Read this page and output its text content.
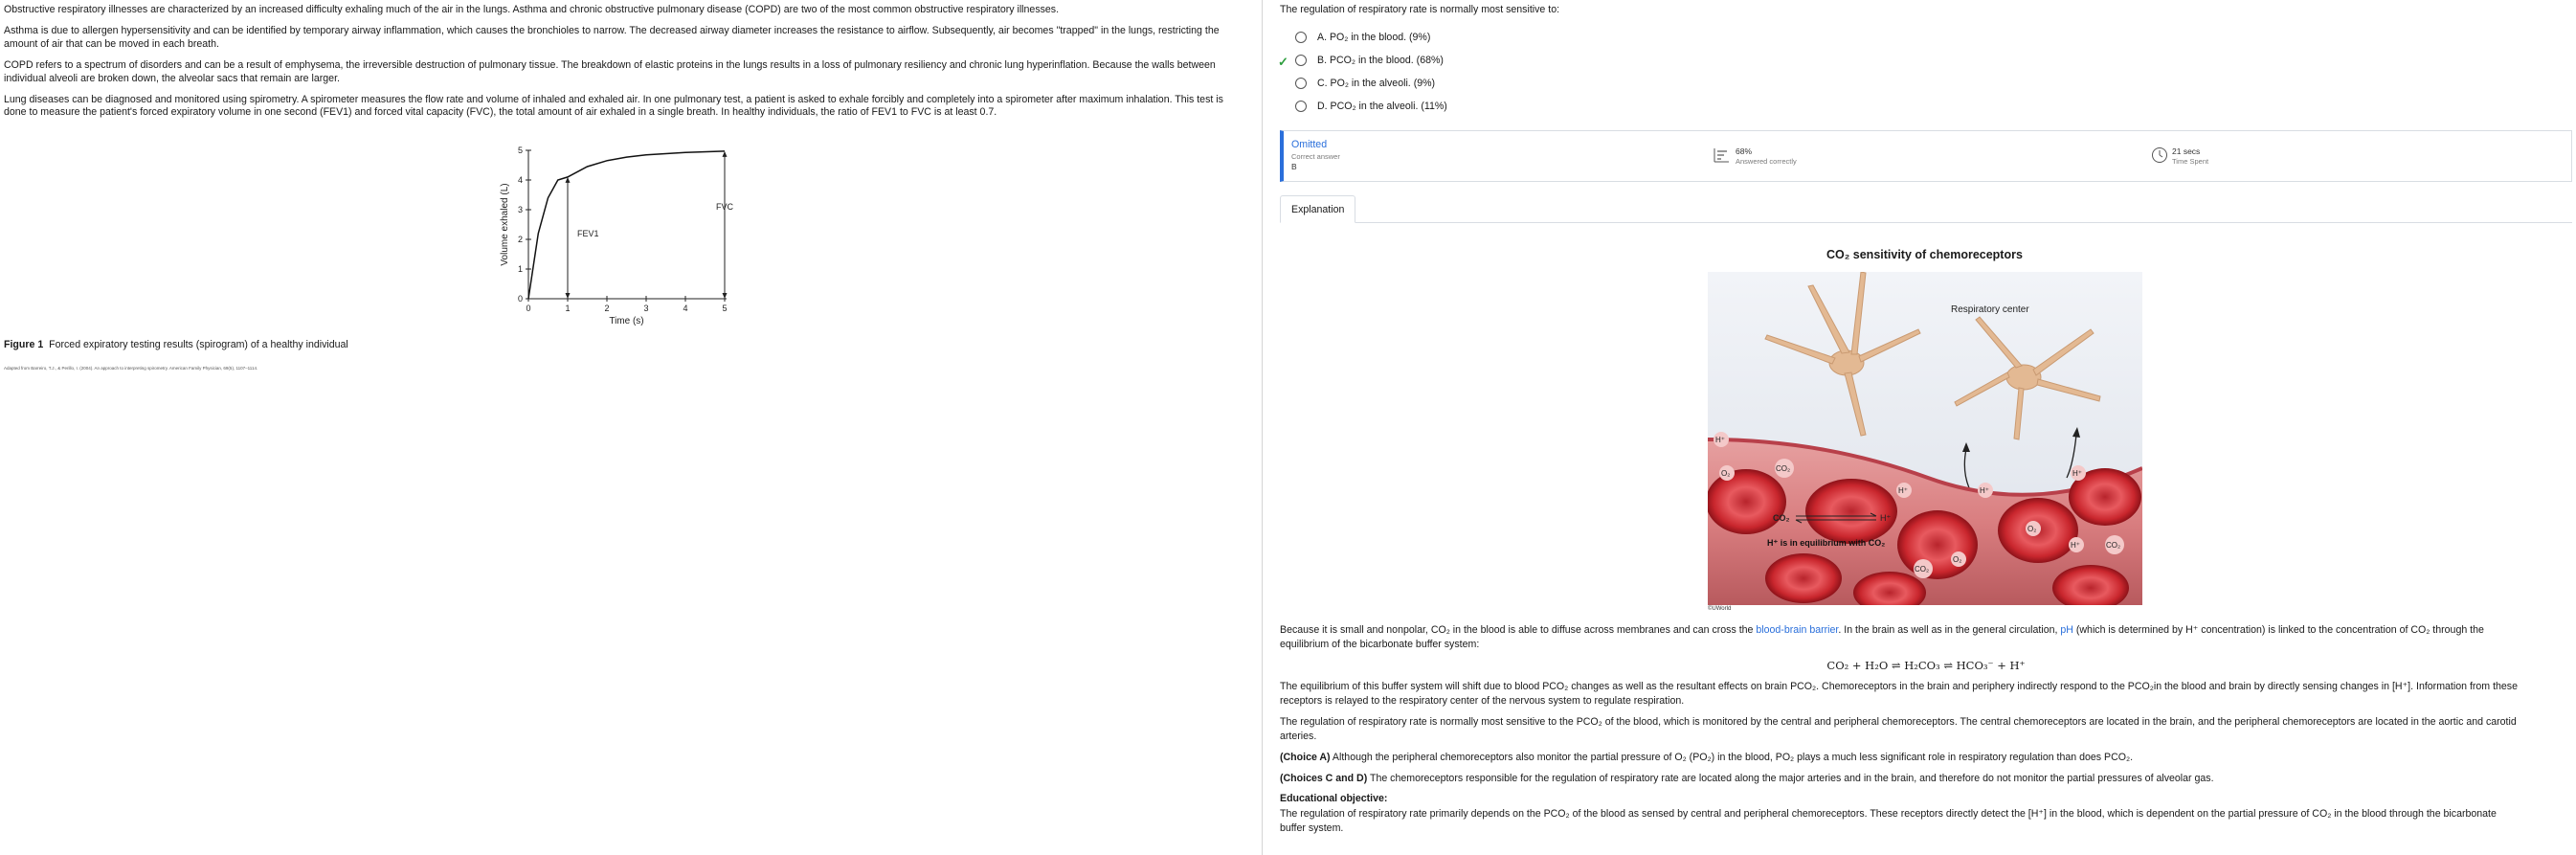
Obstructive respiratory illnesses are characterized by an increased difficulty exhaling much of the air in the lungs. Asthma and chronic obstructive pulmonary disease (COPD) are two of the most common obstructive respiratory illnesses.

Asthma is due to allergen hypersensitivity and can be identified by temporary airway inflammation, which causes the bronchioles to narrow. The decreased airway diameter increases the resistance to airflow. Subsequently, air becomes "trapped" in the lungs, restricting the amount of air that can be moved in each breath.

COPD refers to a spectrum of disorders and can be a result of emphysema, the irreversible destruction of pulmonary tissue. The breakdown of elastic proteins in the lungs results in a loss of pulmonary resiliency and chronic lung hyperinflation. Because the walls between individual alveoli are broken down, the alveolar sacs that remain are larger.

Lung diseases can be diagnosed and monitored using spirometry. A spirometer measures the flow rate and volume of inhaled and exhaled air. In one pulmonary test, a patient is asked to exhale forcibly and completely into a spirometer after maximum inhalation. This test is done to measure the patient's forced expiratory volume in one second (FEV1) and forced vital capacity (FVC), the total amount of air exhaled in a single breath. In healthy individuals, the ratio of FEV1 to FVC is at least 0.7.

0	1	2	3	4	5
0
1
2
3
4
5
Time (s)
Volume exhaled (L)	FEV1
FVC
Figure 1 Forced expiratory testing results (spirogram) of a healthy individual
Adapted from Barreiro, T.J., & Perillo, I. (2004). An approach to interpreting spirometry. American Family Physician, 69(5), 1107–1114.
The regulation of respiratory rate is normally most sensitive to:
✓
A.
PO₂ in the blood.
(9%)
B.
PCO₂ in the blood.
(68%)
C.
PO₂ in the alveoli.
(9%)
D.
PCO₂ in the alveoli.
(11%)
Omitted
Correct answer
B
68%
Answered correctly
21 secs
Time Spent
Explanation
CO₂ sensitivity of chemoreceptors
Respiratory center
H⁺
O₂
CO₂
H⁺	H⁺
H⁺
O₂
O₂
CO₂
H⁺	CO₂
CO₂	H⁺
H⁺ is in equilibrium with CO₂
©UWorld

Because it is small and nonpolar, CO₂ in the blood is able to diffuse across membranes and can cross the blood-brain barrier. In the brain as well as in the general circulation, pH (which is determined by H⁺ concentration) is linked to the concentration of CO₂ through the equilibrium of the bicarbonate buffer system:

CO₂ + H₂O ⇌ H₂CO₃ ⇌ HCO₃⁻ + H⁺

The equilibrium of this buffer system will shift due to blood PCO₂ changes as well as the resultant effects on brain PCO₂. Chemoreceptors in the brain and periphery indirectly respond to the PCO₂in the blood and brain by directly sensing changes in [H⁺]. Information from these receptors is relayed to the respiratory center of the nervous system to regulate respiration.

The regulation of respiratory rate is normally most sensitive to the PCO₂ of the blood, which is monitored by the central and peripheral chemoreceptors. The central chemoreceptors are located in the brain, and the peripheral chemoreceptors are located in the aortic and carotid arteries.

(Choice A) Although the peripheral chemoreceptors also monitor the partial pressure of O₂ (PO₂) in the blood, PO₂ plays a much less significant role in respiratory regulation than does PCO₂.

(Choices C and D) The chemoreceptors responsible for the regulation of respiratory rate are located along the major arteries and in the brain, and therefore do not monitor the partial pressures of alveolar gas.

Educational objective:

The regulation of respiratory rate primarily depends on the PCO₂ of the blood as sensed by central and peripheral chemoreceptors. These receptors directly detect the [H⁺] in the blood, which is dependent on the partial pressure of CO₂ in the blood through the bicarbonate buffer system.
